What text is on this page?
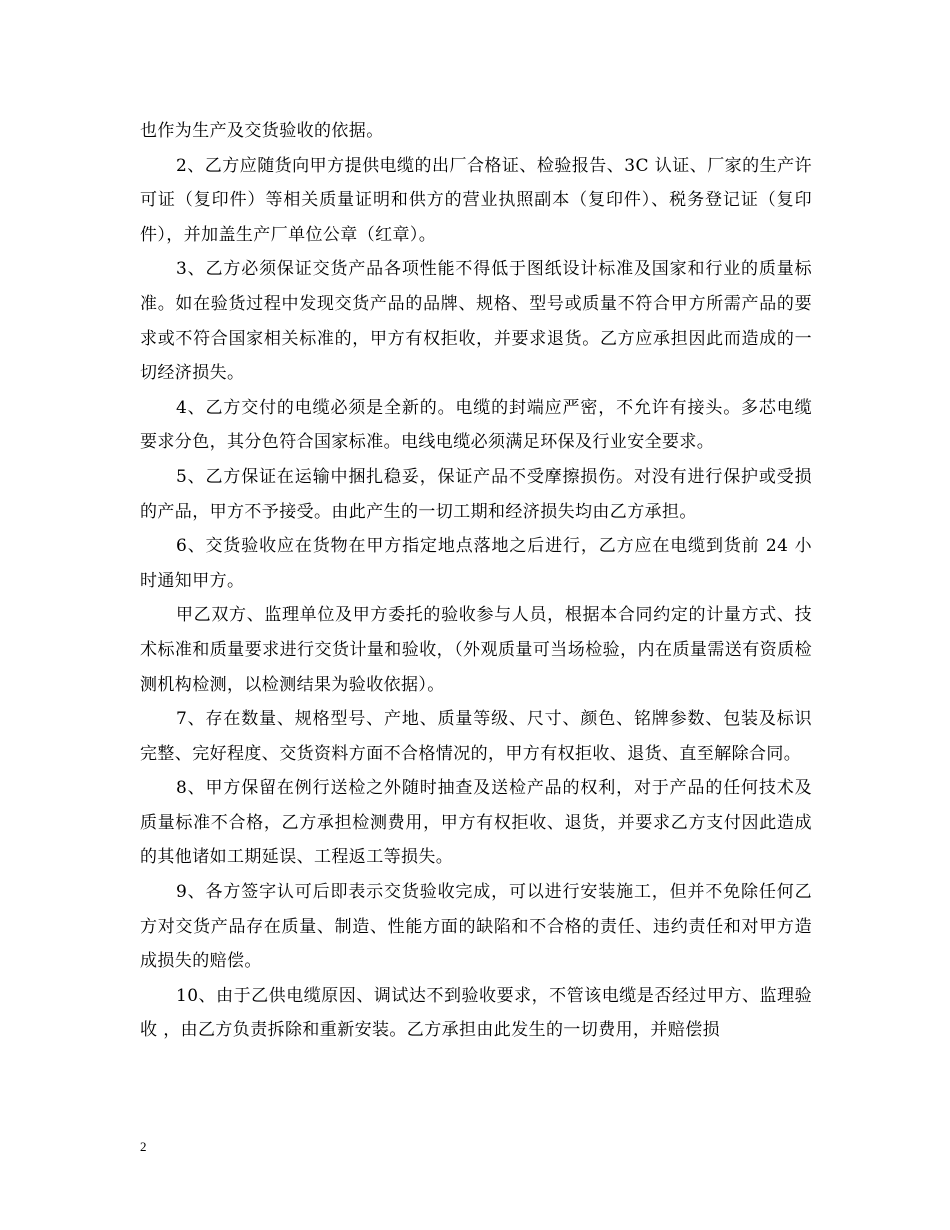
也作为生产及交货验收的依据。

2、乙方应随货向甲方提供电缆的出厂合格证、检验报告、3C 认证、厂家的生产许可证（复印件）等相关质量证明和供方的营业执照副本（复印件）、税务登记证（复印件），并加盖生产厂单位公章（红章）。

3、乙方必须保证交货产品各项性能不得低于图纸设计标准及国家和行业的质量标准。如在验货过程中发现交货产品的品牌、规格、型号或质量不符合甲方所需产品的要求或不符合国家相关标准的，甲方有权拒收，并要求退货。乙方应承担因此而造成的一切经济损失。

4、乙方交付的电缆必须是全新的。电缆的封端应严密，不允许有接头。多芯电缆要求分色，其分色符合国家标准。电线电缆必须满足环保及行业安全要求。

5、乙方保证在运输中捆扎稳妥，保证产品不受摩擦损伤。对没有进行保护或受损的产品，甲方不予接受。由此产生的一切工期和经济损失均由乙方承担。

6、交货验收应在货物在甲方指定地点落地之后进行，乙方应在电缆到货前 24 小时通知甲方。

甲乙双方、监理单位及甲方委托的验收参与人员，根据本合同约定的计量方式、技术标准和质量要求进行交货计量和验收，（外观质量可当场检验，内在质量需送有资质检测机构检测，以检测结果为验收依据）。

7、存在数量、规格型号、产地、质量等级、尺寸、颜色、铭牌参数、包装及标识完整、完好程度、交货资料方面不合格情况的，甲方有权拒收、退货、直至解除合同。

8、甲方保留在例行送检之外随时抽查及送检产品的权利，对于产品的任何技术及质量标准不合格，乙方承担检测费用，甲方有权拒收、退货，并要求乙方支付因此造成的其他诸如工期延误、工程返工等损失。

9、各方签字认可后即表示交货验收完成，可以进行安装施工，但并不免除任何乙方对交货产品存在质量、制造、性能方面的缺陷和不合格的责任、违约责任和对甲方造成损失的赔偿。

10、由于乙供电缆原因、调试达不到验收要求，不管该电缆是否经过甲方、监理验收 ，由乙方负责拆除和重新安装。乙方承担由此发生的一切费用，并赔偿损

2
